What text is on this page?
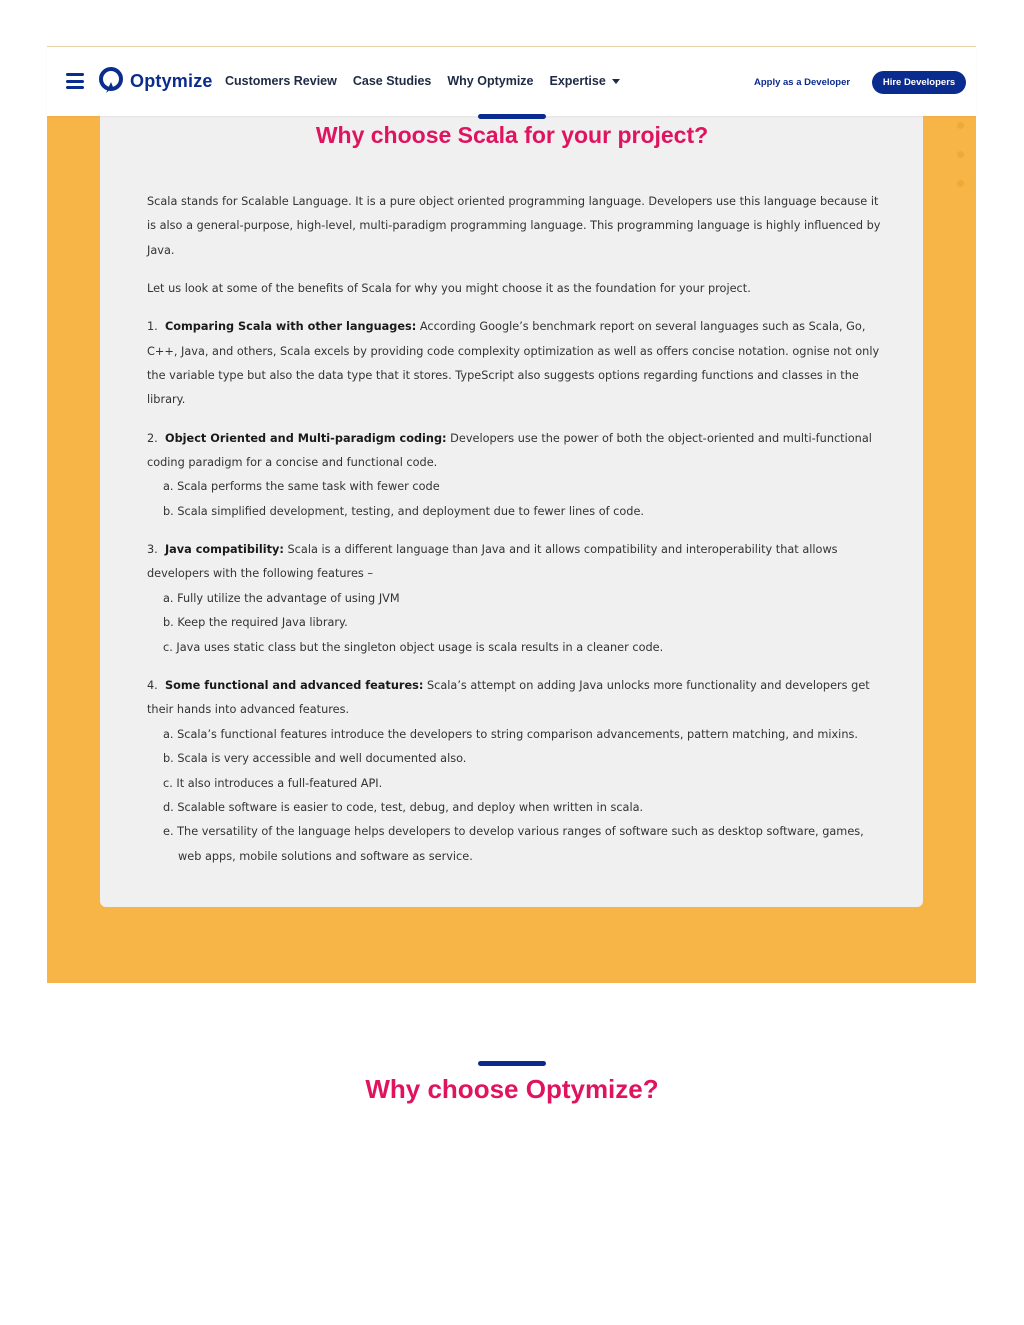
Optymize Customers Review Case Studies Why Optymize Expertise	Apply as a Developer	Hire Developers
Why choose Scala for your project?

Scala stands for Scalable Language. It is a pure object oriented programming language. Developers use this language because it is also a general-purpose, high-level, multi-paradigm programming language. This programming language is highly influenced by Java.

Let us look at some of the benefits of Scala for why you might choose it as the foundation for your project.

1. Comparing Scala with other languages: According Google’s benchmark report on several languages such as Scala, Go, C++, Java, and others, Scala excels by providing code complexity optimization as well as offers concise notation. ognise not only the variable type but also the data type that it stores. TypeScript also suggests options regarding functions and classes in the library.

2. Object Oriented and Multi-paradigm coding: Developers use the power of both the object-oriented and multi-functional coding paradigm for a concise and functional code.

a. Scala performs the same task with fewer code
b. Scala simplified development, testing, and deployment due to fewer lines of code.

3. Java compatibility: Scala is a different language than Java and it allows compatibility and interoperability that allows developers with the following features –

a. Fully utilize the advantage of using JVM
b. Keep the required Java library.
c. Java uses static class but the singleton object usage is scala results in a cleaner code.

4. Some functional and advanced features: Scala’s attempt on adding Java unlocks more functionality and developers get their hands into advanced features.

a. Scala’s functional features introduce the developers to string comparison advancements, pattern matching, and mixins.
b. Scala is very accessible and well documented also.
c. It also introduces a full-featured API.
d. Scalable software is easier to code, test, debug, and deploy when written in scala.
e. The versatility of the language helps developers to develop various ranges of software such as desktop software, games, web apps, mobile solutions and software as service.
Why choose Optymize?
